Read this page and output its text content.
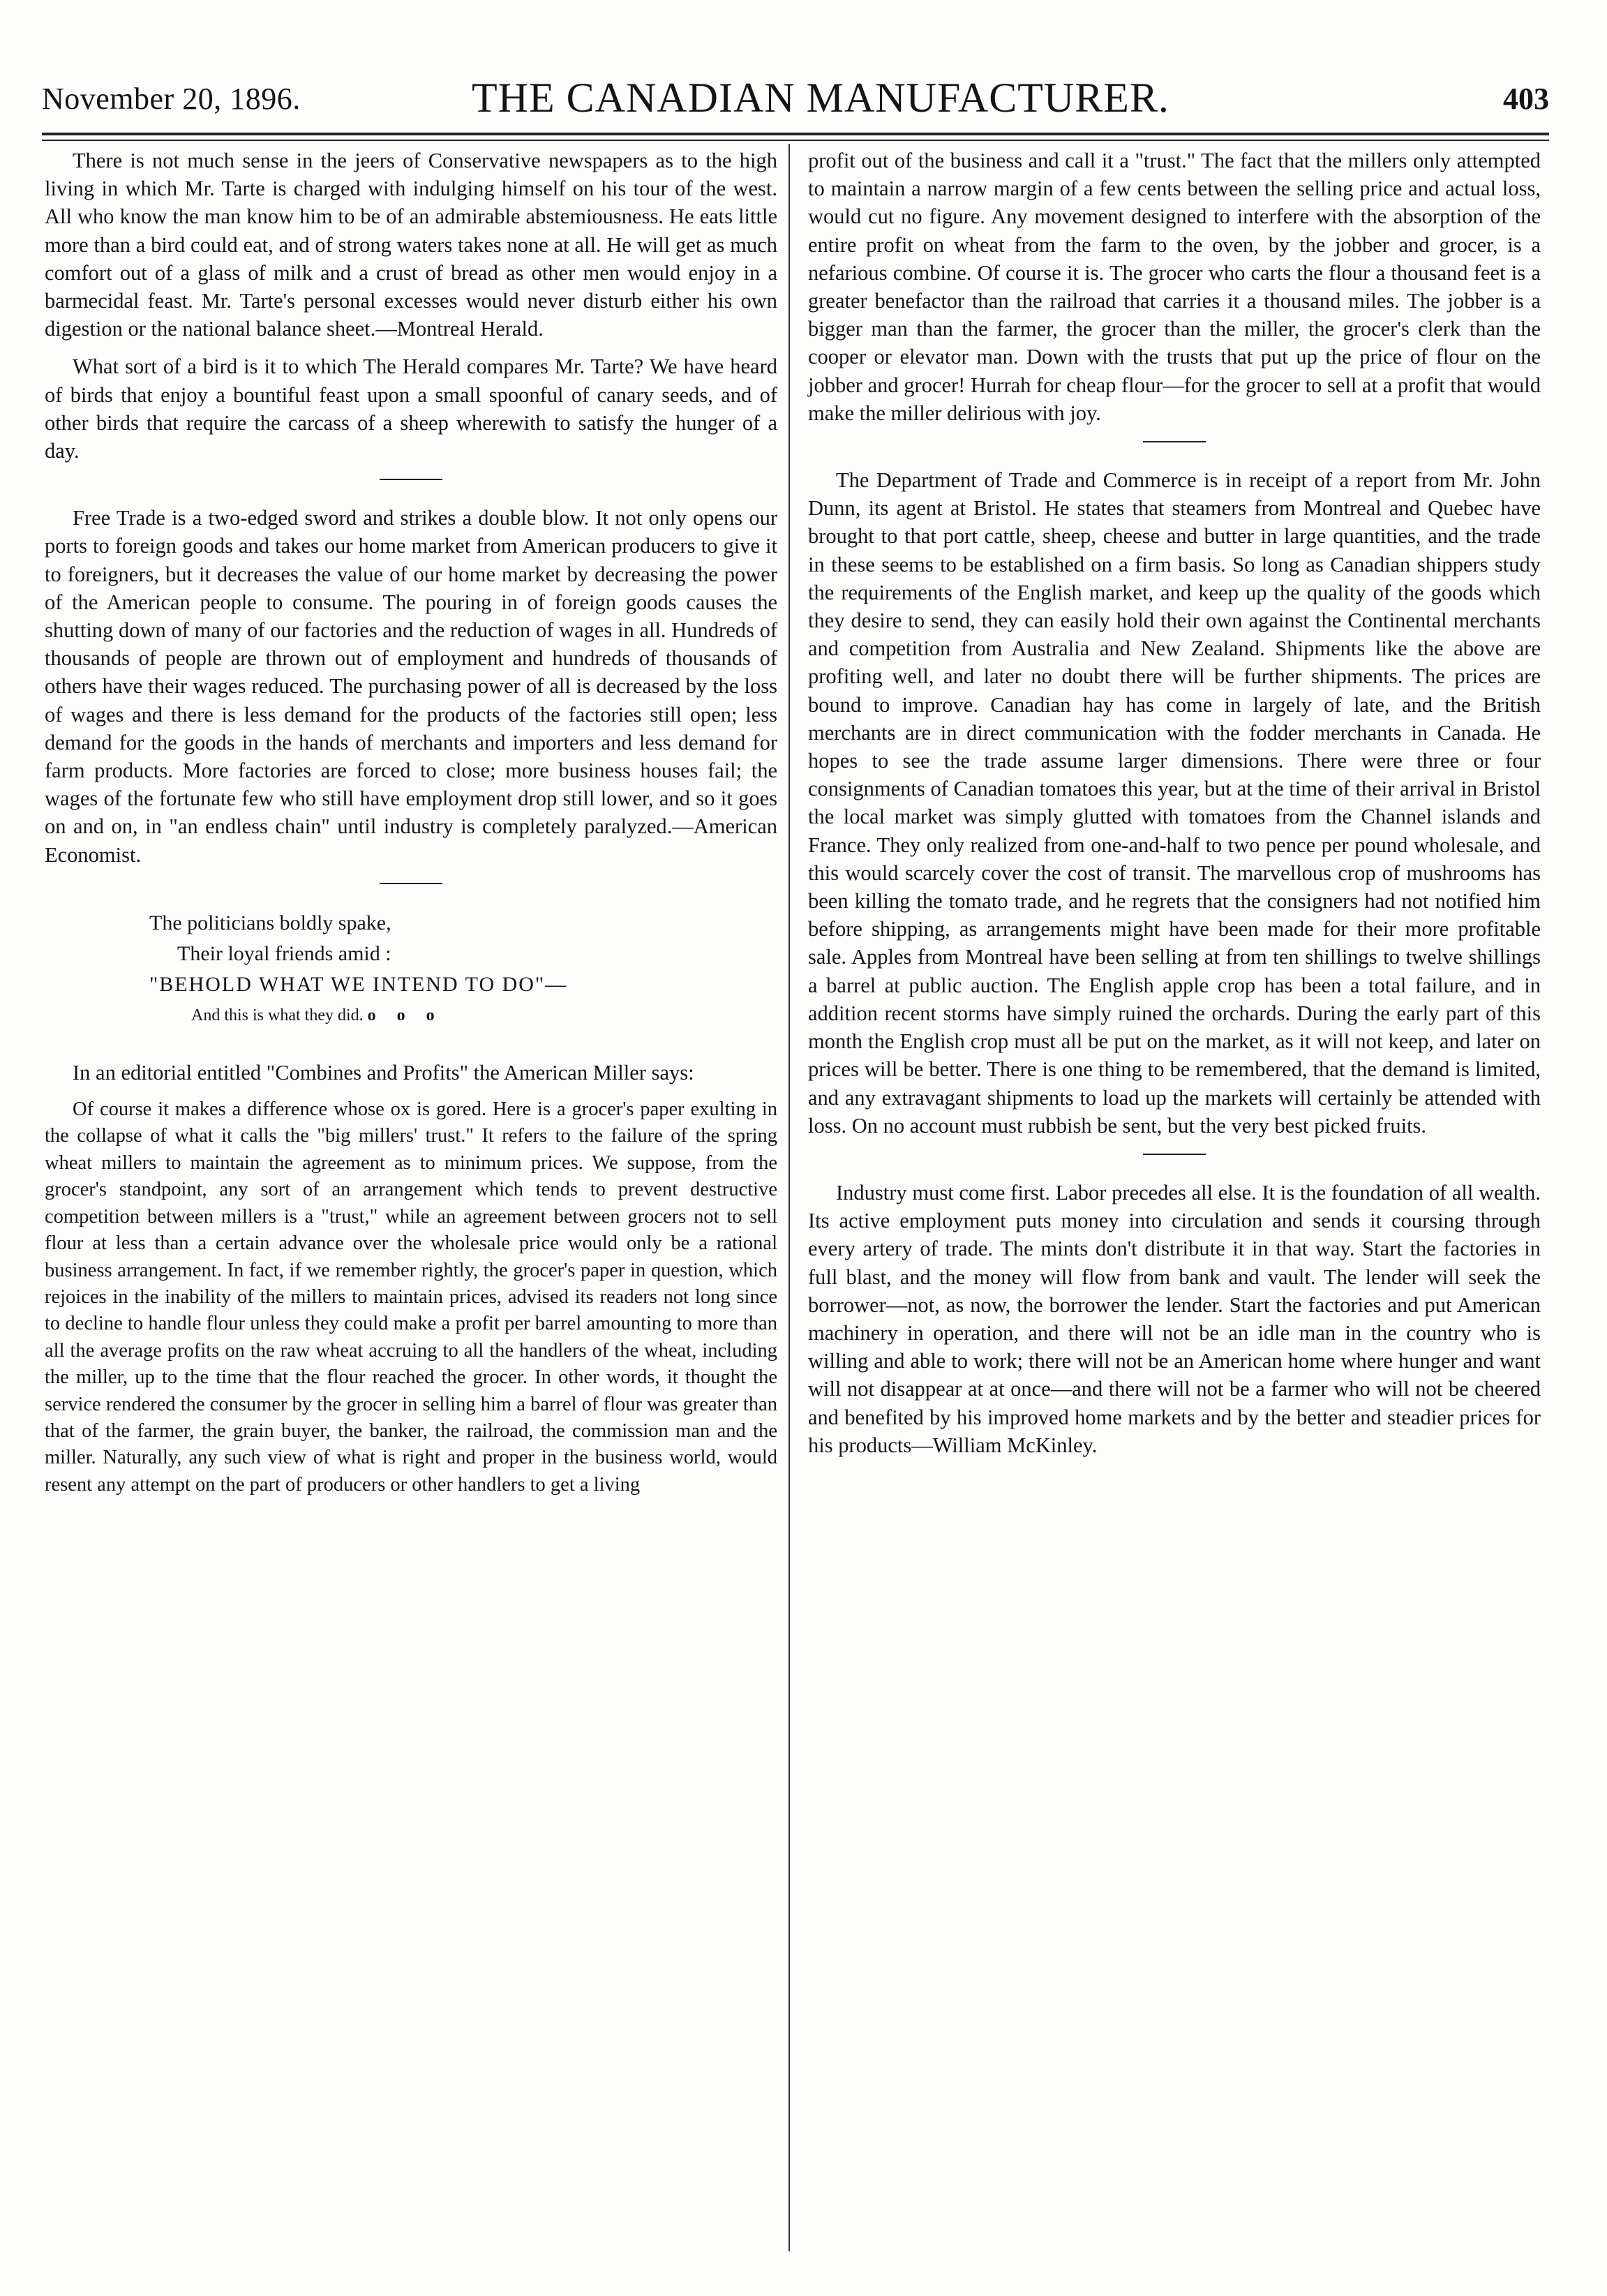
November 20, 1896.	THE CANADIAN MANUFACTURER.	403

There is not much sense in the jeers of Conservative newspapers as to the high living in which Mr. Tarte is charged with indulging himself on his tour of the west. All who know the man know him to be of an admirable abstemiousness. He eats little more than a bird could eat, and of strong waters takes none at all. He will get as much comfort out of a glass of milk and a crust of bread as other men would enjoy in a barmecidal feast. Mr. Tarte's personal excesses would never disturb either his own digestion or the national balance sheet.—Montreal Herald.

What sort of a bird is it to which The Herald compares Mr. Tarte? We have heard of birds that enjoy a bountiful feast upon a small spoonful of canary seeds, and of other birds that require the carcass of a sheep wherewith to satisfy the hunger of a day.

Free Trade is a two-edged sword and strikes a double blow. It not only opens our ports to foreign goods and takes our home market from American producers to give it to foreigners, but it decreases the value of our home market by decreasing the power of the American people to consume. The pouring in of foreign goods causes the shutting down of many of our factories and the reduction of wages in all. Hundreds of thousands of people are thrown out of employment and hundreds of thousands of others have their wages reduced. The purchasing power of all is decreased by the loss of wages and there is less demand for the products of the factories still open; less demand for the goods in the hands of merchants and importers and less demand for farm products. More factories are forced to close; more business houses fail; the wages of the fortunate few who still have employment drop still lower, and so it goes on and on, in "an endless chain" until industry is completely paralyzed.—American Economist.

The politicians boldly spake,
Their loyal friends amid :
"BEHOLD WHAT WE INTEND TO DO"—
And this is what they did. o o o

In an editorial entitled "Combines and Profits" the American Miller says:

Of course it makes a difference whose ox is gored. Here is a grocer's paper exulting in the collapse of what it calls the "big millers' trust." It refers to the failure of the spring wheat millers to maintain the agreement as to minimum prices. We suppose, from the grocer's standpoint, any sort of an arrangement which tends to prevent destructive competition between millers is a "trust," while an agreement between grocers not to sell flour at less than a certain advance over the wholesale price would only be a rational business arrangement. In fact, if we remember rightly, the grocer's paper in question, which rejoices in the inability of the millers to maintain prices, advised its readers not long since to decline to handle flour unless they could make a profit per barrel amounting to more than all the average profits on the raw wheat accruing to all the handlers of the wheat, including the miller, up to the time that the flour reached the grocer. In other words, it thought the service rendered the consumer by the grocer in selling him a barrel of flour was greater than that of the farmer, the grain buyer, the banker, the railroad, the commission man and the miller. Naturally, any such view of what is right and proper in the business world, would resent any attempt on the part of producers or other handlers to get a living

profit out of the business and call it a "trust." The fact that the millers only attempted to maintain a narrow margin of a few cents between the selling price and actual loss, would cut no figure. Any movement designed to interfere with the absorption of the entire profit on wheat from the farm to the oven, by the jobber and grocer, is a nefarious combine. Of course it is. The grocer who carts the flour a thousand feet is a greater benefactor than the railroad that carries it a thousand miles. The jobber is a bigger man than the farmer, the grocer than the miller, the grocer's clerk than the cooper or elevator man. Down with the trusts that put up the price of flour on the jobber and grocer! Hurrah for cheap flour—for the grocer to sell at a profit that would make the miller delirious with joy.

The Department of Trade and Commerce is in receipt of a report from Mr. John Dunn, its agent at Bristol. He states that steamers from Montreal and Quebec have brought to that port cattle, sheep, cheese and butter in large quantities, and the trade in these seems to be established on a firm basis. So long as Canadian shippers study the requirements of the English market, and keep up the quality of the goods which they desire to send, they can easily hold their own against the Continental merchants and competition from Australia and New Zealand. Shipments like the above are profiting well, and later no doubt there will be further shipments. The prices are bound to improve. Canadian hay has come in largely of late, and the British merchants are in direct communication with the fodder merchants in Canada. He hopes to see the trade assume larger dimensions. There were three or four consignments of Canadian tomatoes this year, but at the time of their arrival in Bristol the local market was simply glutted with tomatoes from the Channel islands and France. They only realized from one-and-half to two pence per pound wholesale, and this would scarcely cover the cost of transit. The marvellous crop of mushrooms has been killing the tomato trade, and he regrets that the consigners had not notified him before shipping, as arrangements might have been made for their more profitable sale. Apples from Montreal have been selling at from ten shillings to twelve shillings a barrel at public auction. The English apple crop has been a total failure, and in addition recent storms have simply ruined the orchards. During the early part of this month the English crop must all be put on the market, as it will not keep, and later on prices will be better. There is one thing to be remembered, that the demand is limited, and any extravagant shipments to load up the markets will certainly be attended with loss. On no account must rubbish be sent, but the very best picked fruits.

Industry must come first. Labor precedes all else. It is the foundation of all wealth. Its active employment puts money into circulation and sends it coursing through every artery of trade. The mints don't distribute it in that way. Start the factories in full blast, and the money will flow from bank and vault. The lender will seek the borrower—not, as now, the borrower the lender. Start the factories and put American machinery in operation, and there will not be an idle man in the country who is willing and able to work; there will not be an American home where hunger and want will not disappear at at once—and there will not be a farmer who will not be cheered and benefited by his improved home markets and by the better and steadier prices for his products—William McKinley.
